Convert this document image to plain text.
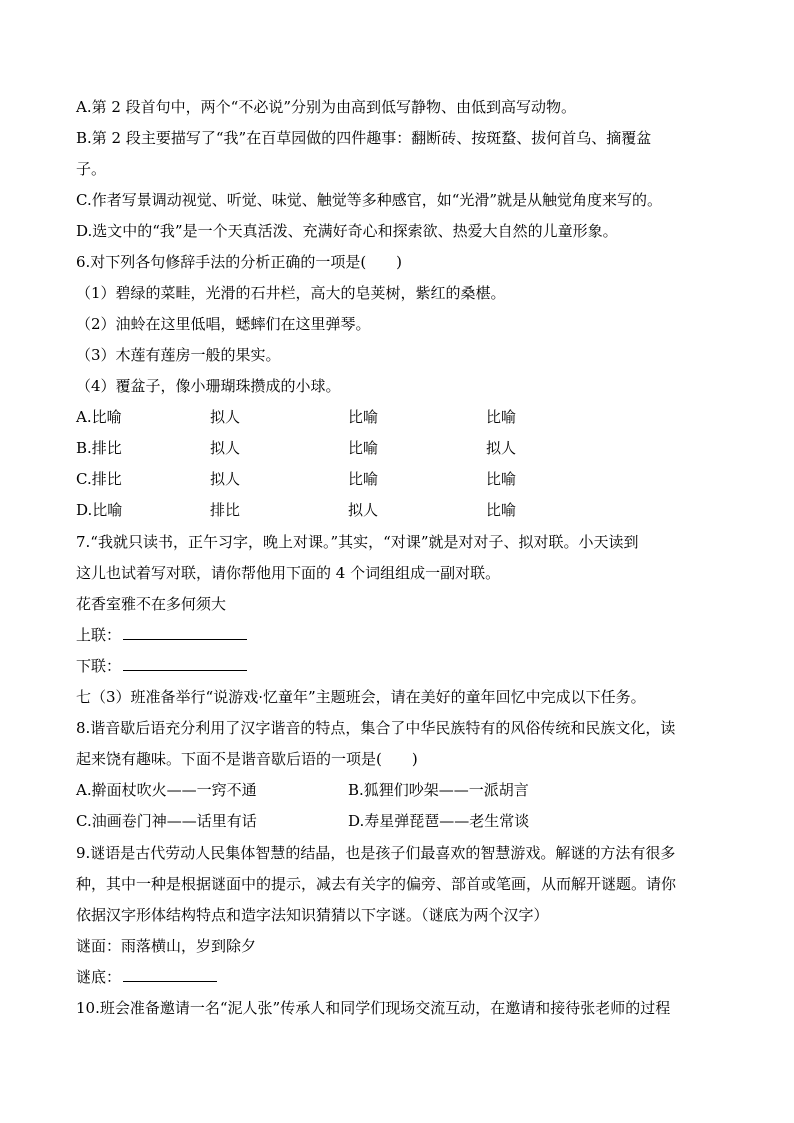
A.第 2 段首句中，两个“不必说”分别为由高到低写静物、由低到高写动物。
B.第 2 段主要描写了“我”在百草园做的四件趣事：翻断砖、按斑蝥、拔何首乌、摘覆盆
子。
C.作者写景调动视觉、听觉、味觉、触觉等多种感官，如“光滑”就是从触觉角度来写的。
D.选文中的“我”是一个天真活泼、充满好奇心和探索欲、热爱大自然的儿童形象。
6.对下列各句修辞手法的分析正确的一项是(　　)
（1）碧绿的菜畦，光滑的石井栏，高大的皂荚树，紫红的桑椹。
（2）油蛉在这里低唱，蟋蟀们在这里弹琴。
（3）木莲有莲房一般的果实。
（4）覆盆子，像小珊瑚珠攒成的小球。
A.比喻	拟人	比喻	比喻
B.排比	拟人	比喻	拟人
C.排比	拟人	比喻	比喻
D.比喻	排比	拟人	比喻
7.“我就只读书，正午习字，晚上对课。”其实，“对课”就是对对子、拟对联。小天读到
这儿也试着写对联，请你帮他用下面的 4 个词组组成一副对联。
花香室雅不在多何须大
上联：
下联：
七（3）班准备举行“说游戏·忆童年”主题班会，请在美好的童年回忆中完成以下任务。
8.谐音歇后语充分利用了汉字谐音的特点，集合了中华民族特有的风俗传统和民族文化，读
起来饶有趣味。下面不是谐音歇后语的一项是(　　)
A.擀面杖吹火——一窍不通	B.狐狸们吵架——一派胡言
C.油画卷门神——话里有话	D.寿星弹琵琶——老生常谈
9.谜语是古代劳动人民集体智慧的结晶，也是孩子们最喜欢的智慧游戏。解谜的方法有很多
种，其中一种是根据谜面中的提示，减去有关字的偏旁、部首或笔画，从而解开谜题。请你
依据汉字形体结构特点和造字法知识猜猜以下字谜。（谜底为两个汉字）
谜面：雨落横山，岁到除夕
谜底：
10.班会准备邀请一名“泥人张”传承人和同学们现场交流互动，在邀请和接待张老师的过程
